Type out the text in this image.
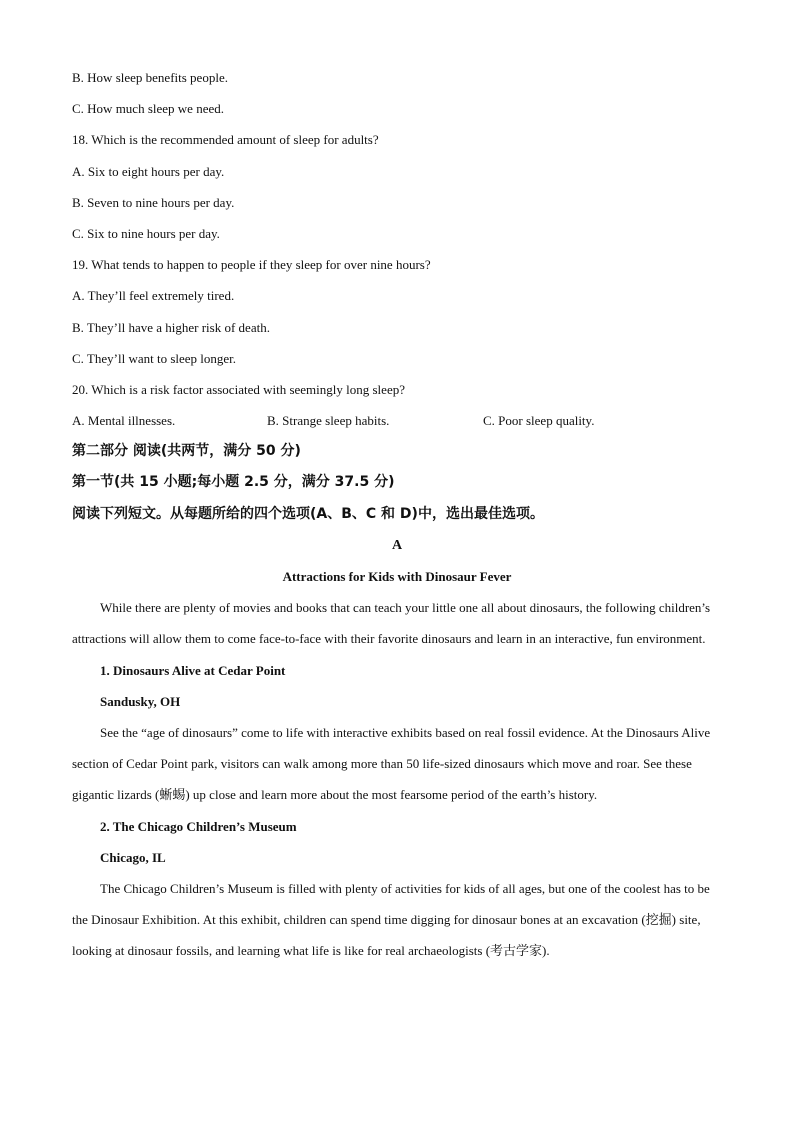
B. How sleep benefits people.
C. How much sleep we need.
18. Which is the recommended amount of sleep for adults?
A. Six to eight hours per day.
B. Seven to nine hours per day.
C. Six to nine hours per day.
19. What tends to happen to people if they sleep for over nine hours?
A. They’ll feel extremely tired.
B. They’ll have a higher risk of death.
C. They’ll want to sleep longer.
20. Which is a risk factor associated with seemingly long sleep?
A. Mental illnesses.	B. Strange sleep habits.	C. Poor sleep quality.
第二部分 阅读(共两节，满分 50 分)
第一节(共 15 小题;每小题 2.5 分，满分 37.5 分)
阅读下列短文。从每题所给的四个选项(A、B、C 和 D)中，选出最佳选项。
A
Attractions for Kids with Dinosaur Fever
While there are plenty of movies and books that can teach your little one all about dinosaurs, the following children’s attractions will allow them to come face-to-face with their favorite dinosaurs and learn in an interactive, fun environment.
1. Dinosaurs Alive at Cedar Point
Sandusky, OH
See the “age of dinosaurs” come to life with interactive exhibits based on real fossil evidence. At the Dinosaurs Alive section of Cedar Point park, visitors can walk among more than 50 life-sized dinosaurs which move and roar. See these gigantic lizards (蜥蜴) up close and learn more about the most fearsome period of the earth’s history.
2. The Chicago Children’s Museum
Chicago, IL
The Chicago Children’s Museum is filled with plenty of activities for kids of all ages, but one of the coolest has to be the Dinosaur Exhibition. At this exhibit, children can spend time digging for dinosaur bones at an excavation (挖掘) site, looking at dinosaur fossils, and learning what life is like for real archaeologists (考古学家).
